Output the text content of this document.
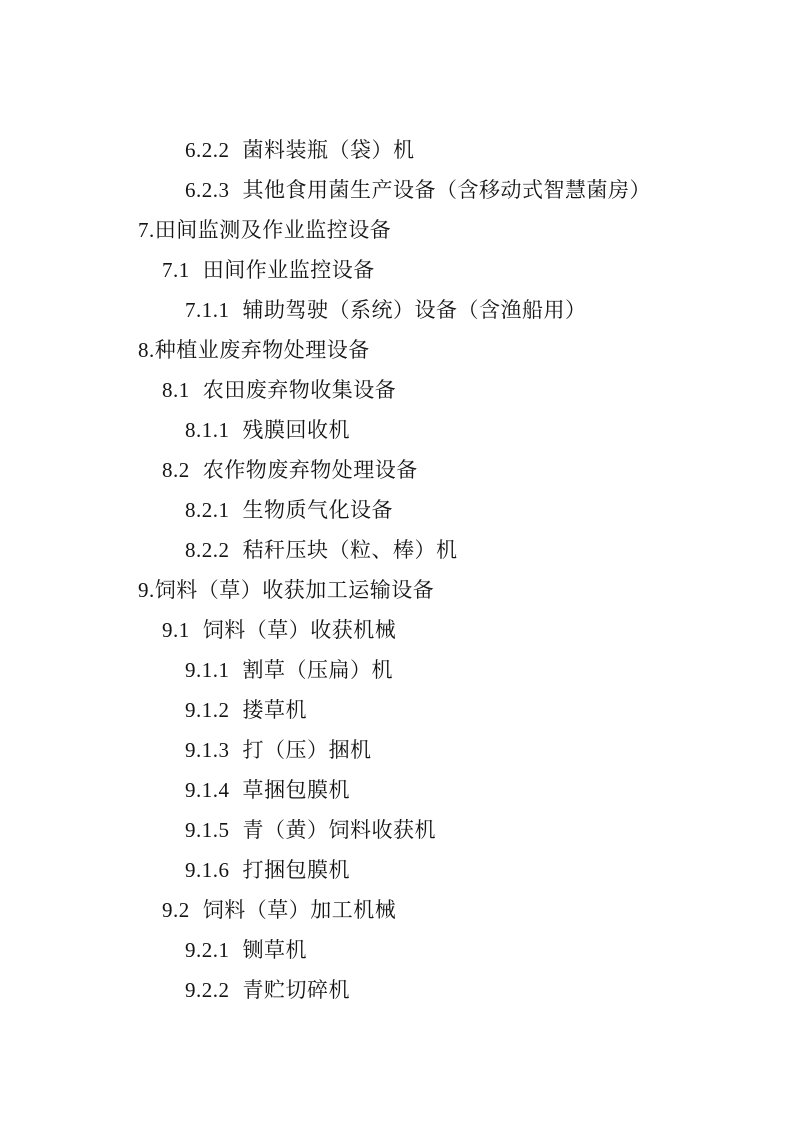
6.2.2 菌料装瓶（袋）机

6.2.3 其他食用菌生产设备（含移动式智慧菌房）

7.田间监测及作业监控设备

7.1 田间作业监控设备

7.1.1 辅助驾驶（系统）设备（含渔船用）

8.种植业废弃物处理设备

8.1 农田废弃物收集设备

8.1.1 残膜回收机

8.2 农作物废弃物处理设备

8.2.1 生物质气化设备

8.2.2 秸秆压块（粒、棒）机

9.饲料（草）收获加工运输设备

9.1 饲料（草）收获机械

9.1.1 割草（压扁）机

9.1.2 搂草机

9.1.3 打（压）捆机

9.1.4 草捆包膜机

9.1.5 青（黄）饲料收获机

9.1.6 打捆包膜机

9.2 饲料（草）加工机械

9.2.1 铡草机

9.2.2 青贮切碎机
